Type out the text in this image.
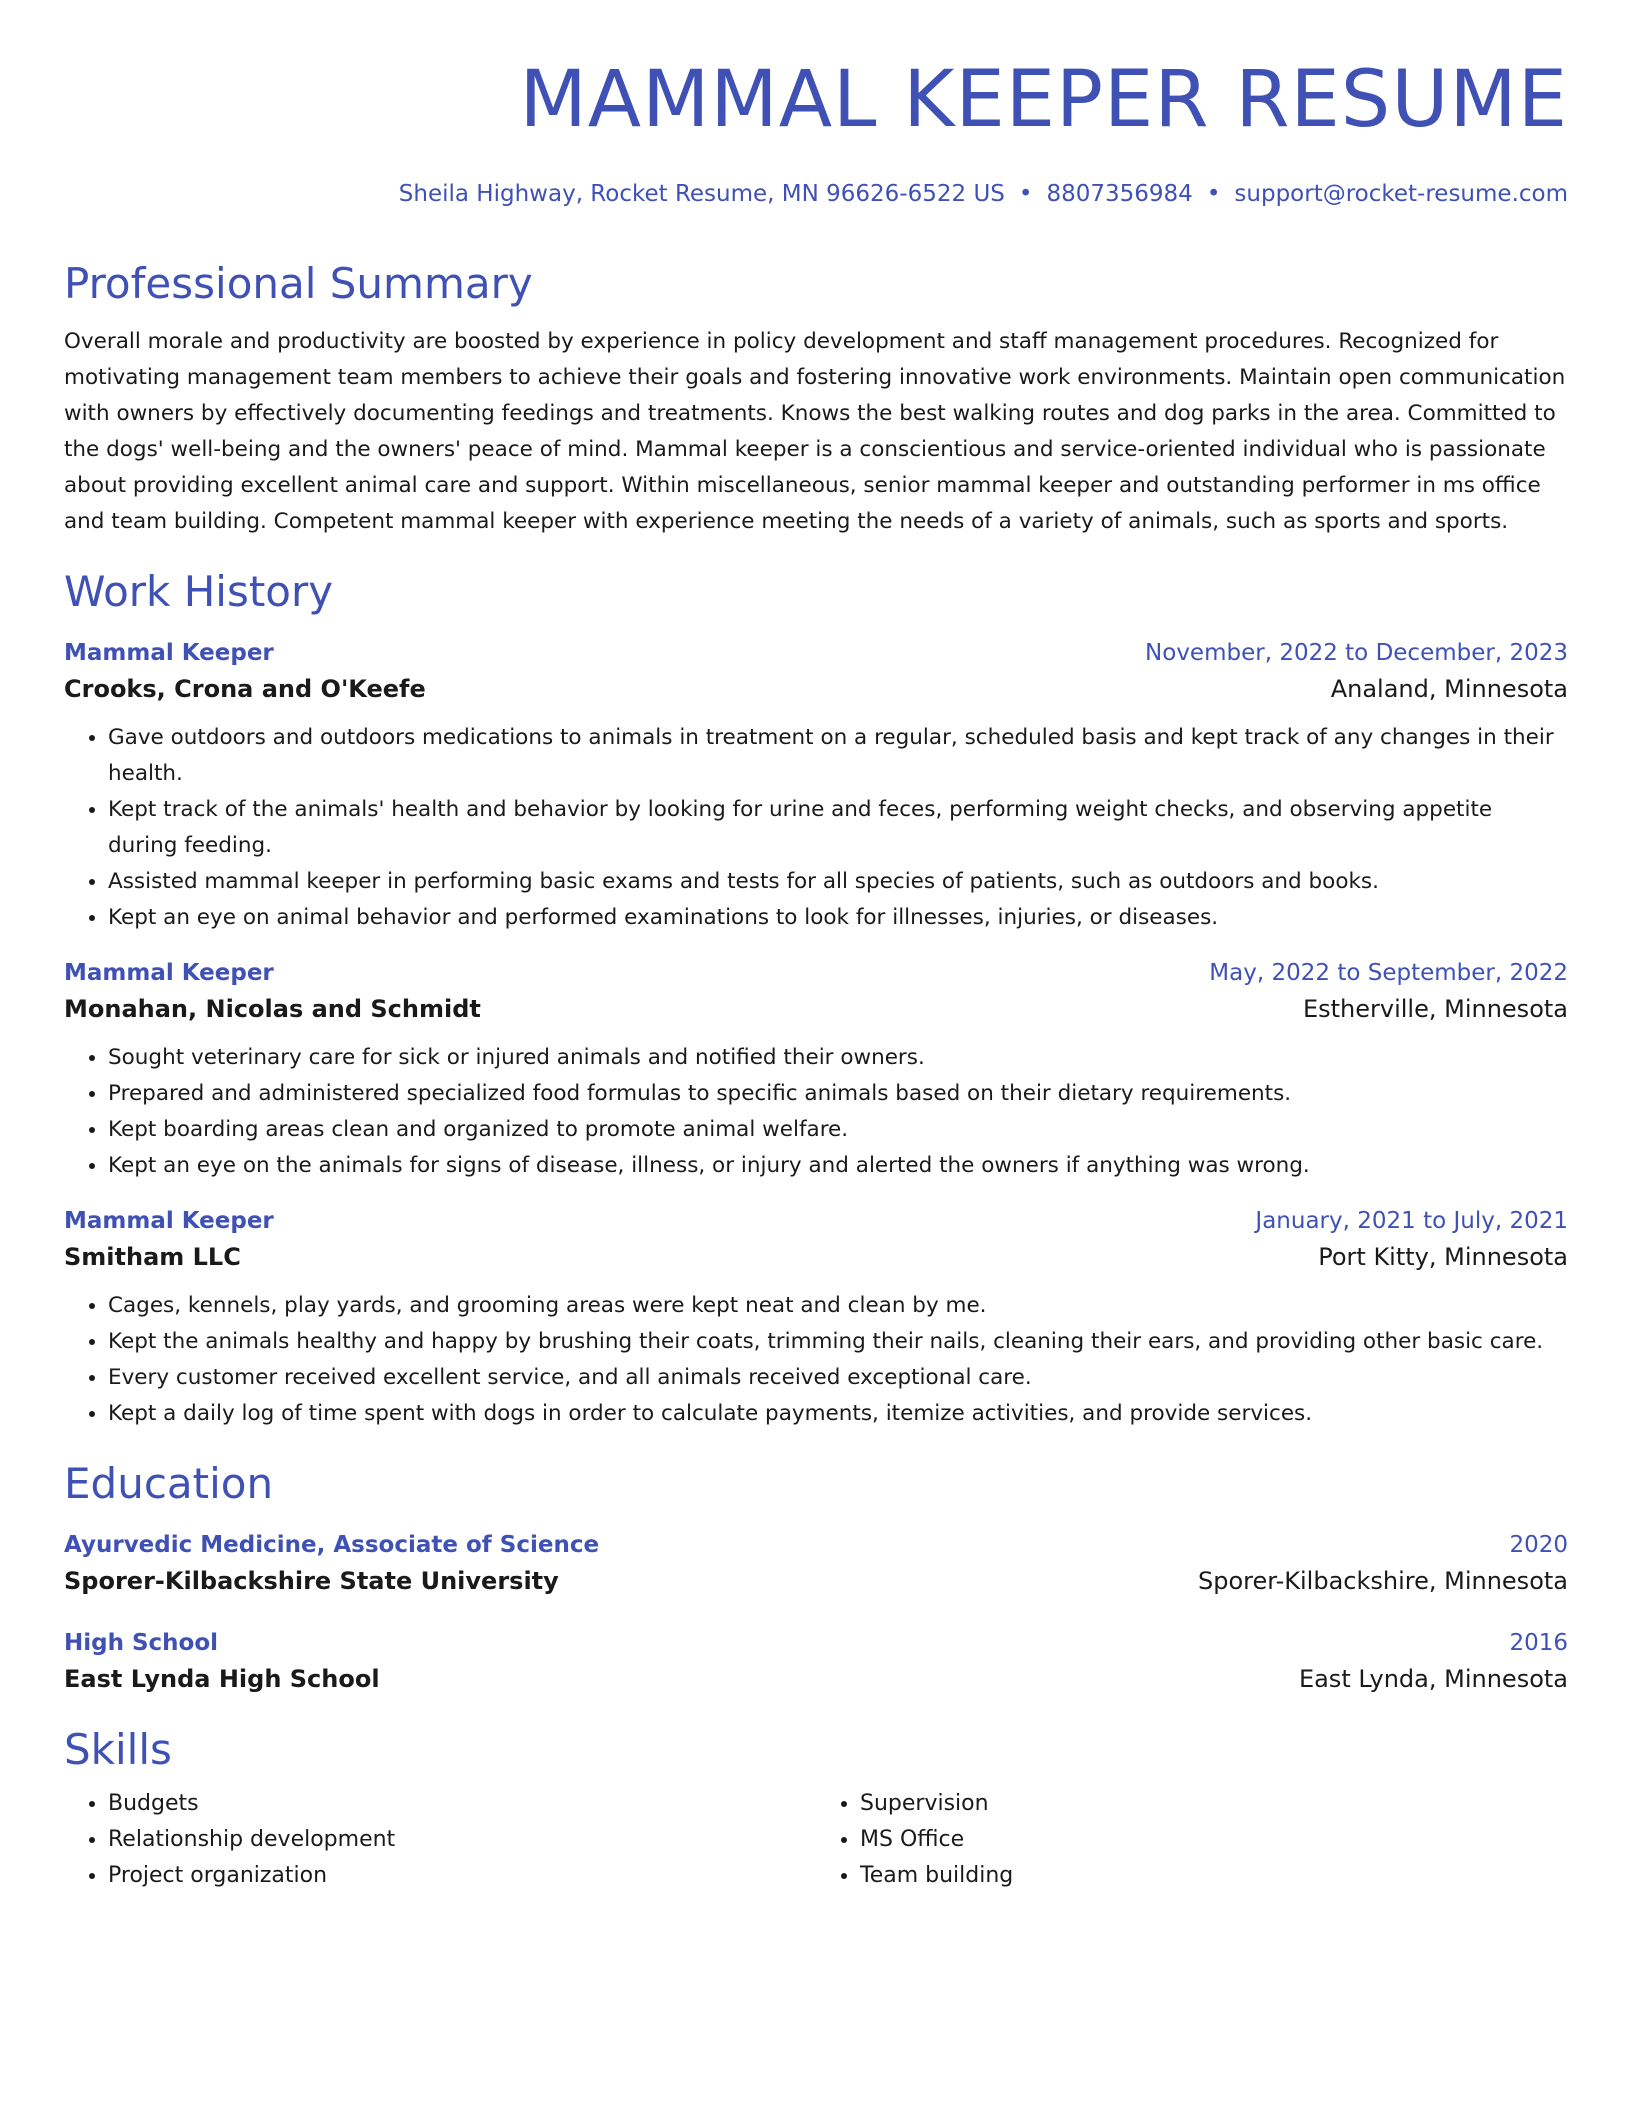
MAMMAL KEEPER RESUME
Sheila Highway, Rocket Resume, MN 96626-6522 US • 8807356984 • support@rocket-resume.com
Professional Summary
Overall morale and productivity are boosted by experience in policy development and staff management procedures. Recognized for motivating management team members to achieve their goals and fostering innovative work environments. Maintain open communication with owners by effectively documenting feedings and treatments. Knows the best walking routes and dog parks in the area. Committed to the dogs' well-being and the owners' peace of mind. Mammal keeper is a conscientious and service-oriented individual who is passionate about providing excellent animal care and support. Within miscellaneous, senior mammal keeper and outstanding performer in ms office and team building. Competent mammal keeper with experience meeting the needs of a variety of animals, such as sports and sports.
Work History
Mammal Keeper	November, 2022 to December, 2023
Crooks, Crona and O'Keefe	Analand, Minnesota
• Gave outdoors and outdoors medications to animals in treatment on a regular, scheduled basis and kept track of any changes in their health.
• Kept track of the animals' health and behavior by looking for urine and feces, performing weight checks, and observing appetite during feeding.
• Assisted mammal keeper in performing basic exams and tests for all species of patients, such as outdoors and books.
• Kept an eye on animal behavior and performed examinations to look for illnesses, injuries, or diseases.
Mammal Keeper	May, 2022 to September, 2022
Monahan, Nicolas and Schmidt	Estherville, Minnesota
• Sought veterinary care for sick or injured animals and notified their owners.
• Prepared and administered specialized food formulas to specific animals based on their dietary requirements.
• Kept boarding areas clean and organized to promote animal welfare.
• Kept an eye on the animals for signs of disease, illness, or injury and alerted the owners if anything was wrong.
Mammal Keeper	January, 2021 to July, 2021
Smitham LLC	Port Kitty, Minnesota
• Cages, kennels, play yards, and grooming areas were kept neat and clean by me.
• Kept the animals healthy and happy by brushing their coats, trimming their nails, cleaning their ears, and providing other basic care.
• Every customer received excellent service, and all animals received exceptional care.
• Kept a daily log of time spent with dogs in order to calculate payments, itemize activities, and provide services.
Education
Ayurvedic Medicine, Associate of Science	2020
Sporer-Kilbackshire State University	Sporer-Kilbackshire, Minnesota
High School	2016
East Lynda High School	East Lynda, Minnesota
Skills
• Budgets
• Relationship development
• Project organization
• Supervision
• MS Office
• Team building
